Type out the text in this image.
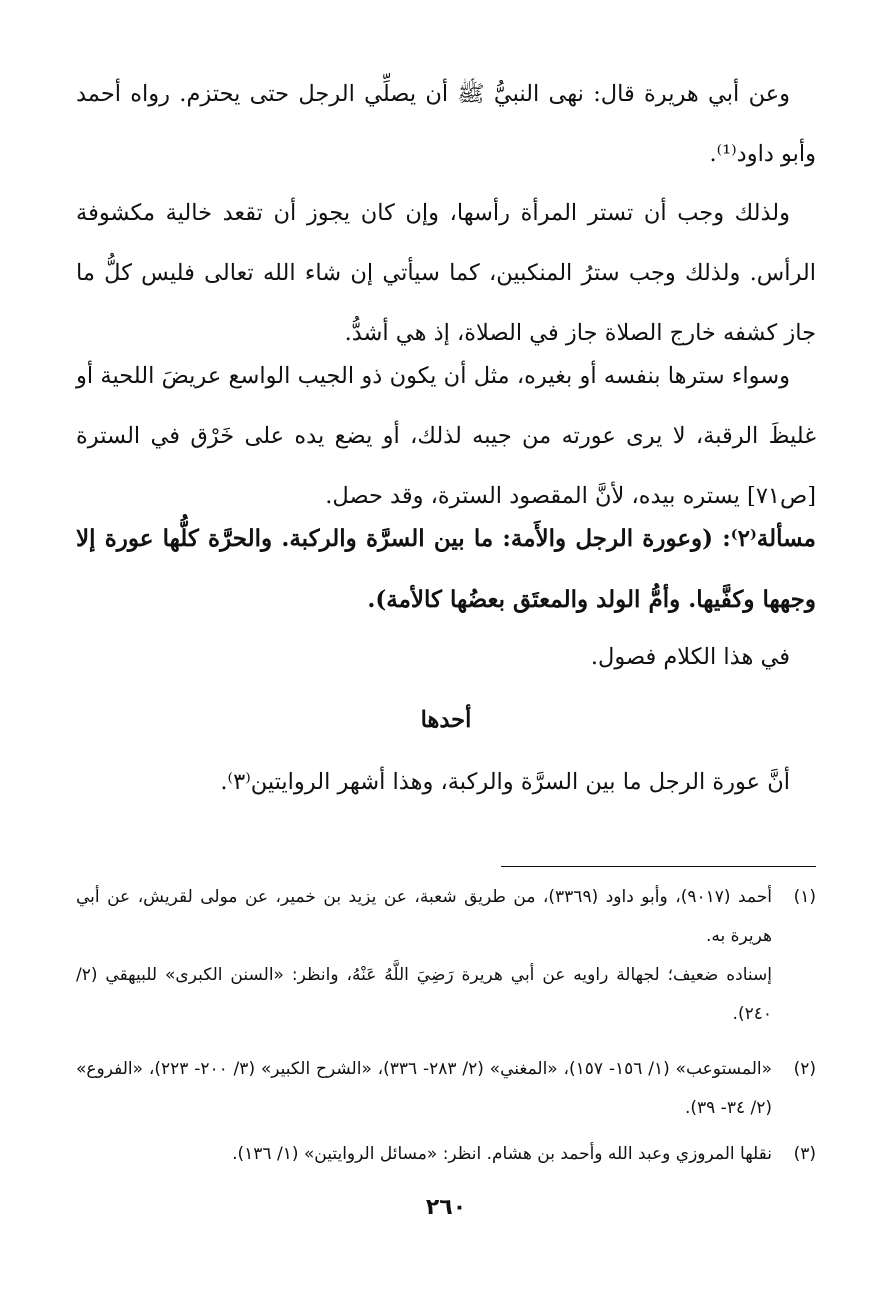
وعن أبي هريرة قال: نهى النبيُّ ﷺ أن يصلِّي الرجل حتى يحتزم. رواه أحمد وأبو داود⁽¹⁾.

ولذلك وجب أن تستر المرأة رأسها، وإن كان يجوز أن تقعد خالية مكشوفة الرأس. ولذلك وجب سترُ المنكبين، كما سيأتي إن شاء الله تعالى فليس كلُّ ما جاز كشفه خارج الصلاة جاز في الصلاة، إذ هي أشدُّ.

وسواء سترها بنفسه أو بغيره، مثل أن يكون ذو الجيب الواسع عريضَ اللحية أو غليظَ الرقبة، لا يرى عورته من جيبه لذلك، أو يضع يده على خَرْق في السترة [ص٧١] يستره بيده، لأنَّ المقصود السترة، وقد حصل.

مسألة⁽٢⁾: (وعورة الرجل والأَمة: ما بين السرَّة والركبة. والحرَّة كلُّها عورة إلا وجهها وكفَّيها. وأمُّ الولد والمعتَق بعضُها كالأمة).

في هذا الكلام فصول.

أحدها

أنَّ عورة الرجل ما بين السرَّة والركبة، وهذا أشهر الروايتين⁽٣⁾.

(١)
أحمد (٩٠١٧)، وأبو داود (٣٣٦٩)، من طريق شعبة، عن يزيد بن خمير، عن مولى لقريش، عن أبي هريرة به.
إسناده ضعيف؛ لجهالة راويه عن أبي هريرة رَضِيَ اللَّهُ عَنْهُ، وانظر: «السنن الكبرى» للبيهقي (٢/ ٢٤٠).
(٢)
«المستوعب» (١/ ١٥٦- ١٥٧)، «المغني» (٢/ ٢٨٣- ٣٣٦)، «الشرح الكبير» (٣/ ٢٠٠- ٢٢٣)، «الفروع» (٢/ ٣٤- ٣٩).
(٣)
نقلها المروزي وعبد الله وأحمد بن هشام. انظر: «مسائل الروايتين» (١/ ١٣٦).
٢٦٠
